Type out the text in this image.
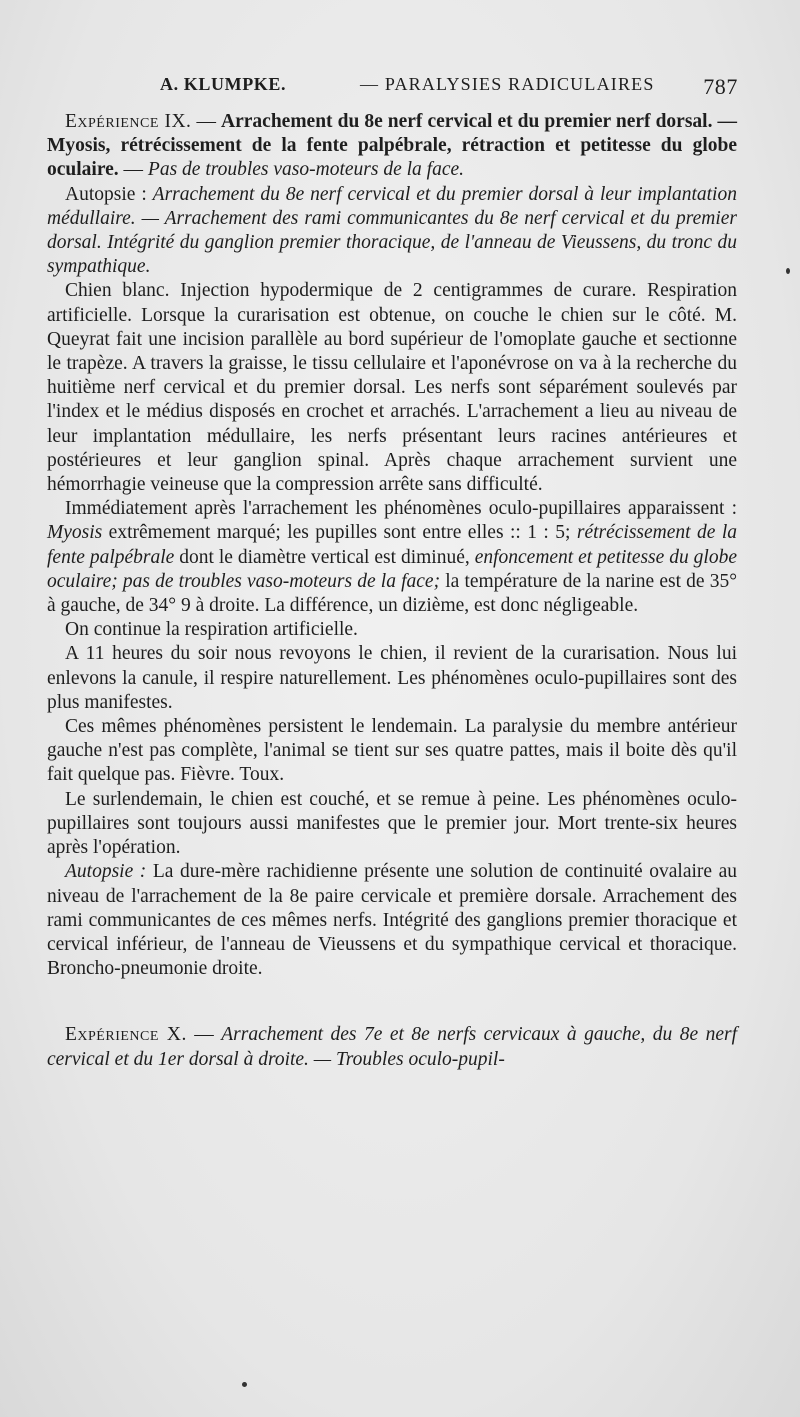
A. KLUMPKE.	— PARALYSIES RADICULAIRES 787

Expérience IX. — Arrachement du 8e nerf cervical et du premier nerf dorsal. — Myosis, rétrécissement de la fente palpébrale, rétraction et petitesse du globe oculaire. — Pas de troubles vaso-moteurs de la face.

Autopsie : Arrachement du 8e nerf cervical et du premier dorsal à leur implantation médullaire. — Arrachement des rami communicantes du 8e nerf cervical et du premier dorsal. Intégrité du ganglion premier thoracique, de l'anneau de Vieussens, du tronc du sympathique.

Chien blanc. Injection hypodermique de 2 centigrammes de curare. Respiration artificielle. Lorsque la curarisation est obtenue, on couche le chien sur le côté. M. Queyrat fait une incision parallèle au bord supérieur de l'omoplate gauche et sectionne le trapèze. A travers la graisse, le tissu cellulaire et l'aponévrose on va à la recherche du huitième nerf cervical et du premier dorsal. Les nerfs sont séparément soulevés par l'index et le médius disposés en crochet et arrachés. L'arrachement a lieu au niveau de leur implantation médullaire, les nerfs présentant leurs racines antérieures et postérieures et leur ganglion spinal. Après chaque arrachement survient une hémorrhagie veineuse que la compression arrête sans difficulté.

Immédiatement après l'arrachement les phénomènes oculo-pupillaires apparaissent : Myosis extrêmement marqué; les pupilles sont entre elles :: 1 : 5; rétrécissement de la fente palpébrale dont le diamètre vertical est diminué, enfoncement et petitesse du globe oculaire; pas de troubles vaso-moteurs de la face; la température de la narine est de 35° à gauche, de 34° 9 à droite. La différence, un dizième, est donc négligeable.

On continue la respiration artificielle.

A 11 heures du soir nous revoyons le chien, il revient de la curarisation. Nous lui enlevons la canule, il respire naturellement. Les phénomènes oculo-pupillaires sont des plus manifestes.

Ces mêmes phénomènes persistent le lendemain. La paralysie du membre antérieur gauche n'est pas complète, l'animal se tient sur ses quatre pattes, mais il boite dès qu'il fait quelque pas. Fièvre. Toux.

Le surlendemain, le chien est couché, et se remue à peine. Les phénomènes oculo-pupillaires sont toujours aussi manifestes que le premier jour. Mort trente-six heures après l'opération.

Autopsie : La dure-mère rachidienne présente une solution de continuité ovalaire au niveau de l'arrachement de la 8e paire cervicale et première dorsale. Arrachement des rami communicantes de ces mêmes nerfs. Intégrité des ganglions premier thoracique et cervical inférieur, de l'anneau de Vieussens et du sympathique cervical et thoracique. Broncho-pneumonie droite.

Expérience X. — Arrachement des 7e et 8e nerfs cervicaux à gauche, du 8e nerf cervical et du 1er dorsal à droite. — Troubles oculo-pupil-
